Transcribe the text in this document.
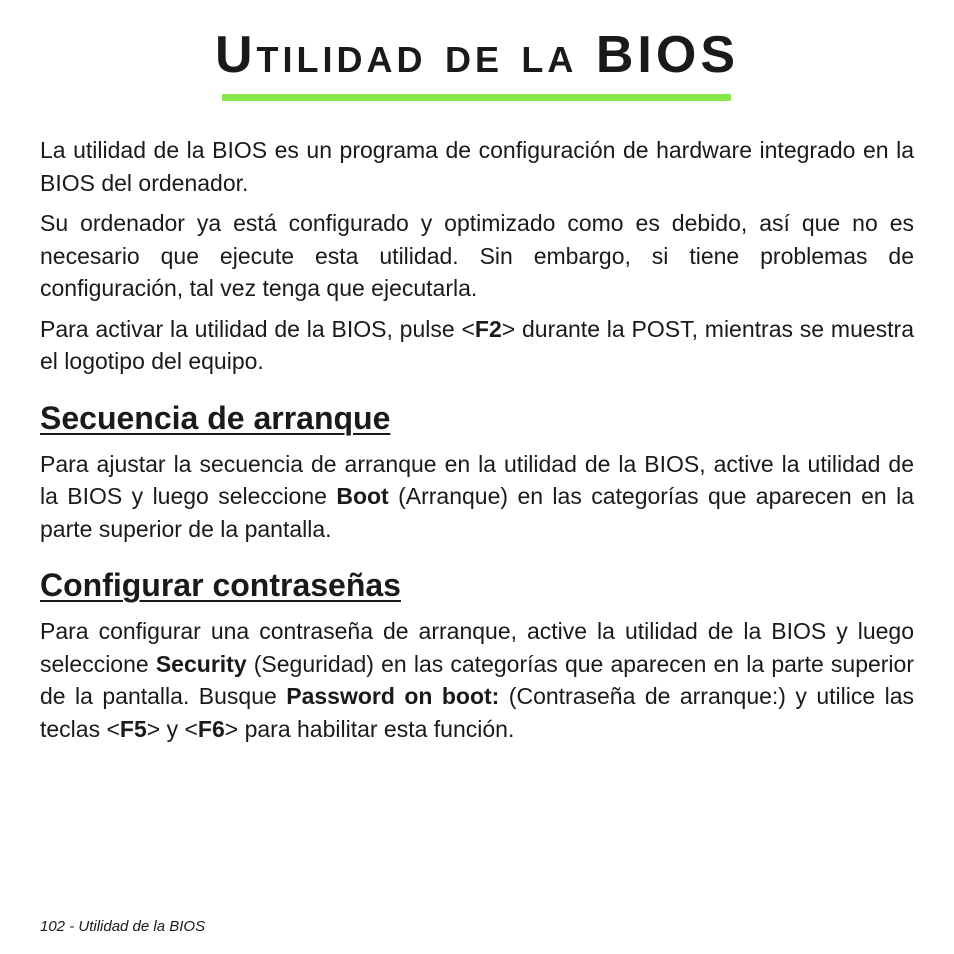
Utilidad de la BIOS

La utilidad de la BIOS es un programa de configuración de hardware integrado en la BIOS del ordenador.

Su ordenador ya está configurado y optimizado como es debido, así que no es necesario que ejecute esta utilidad. Sin embargo, si tiene problemas de configuración, tal vez tenga que ejecutarla.

Para activar la utilidad de la BIOS, pulse <F2> durante la POST, mientras se muestra el logotipo del equipo.

Secuencia de arranque

Para ajustar la secuencia de arranque en la utilidad de la BIOS, active la utilidad de la BIOS y luego seleccione Boot (Arranque) en las categorías que aparecen en la parte superior de la pantalla.

Configurar contraseñas

Para configurar una contraseña de arranque, active la utilidad de la BIOS y luego seleccione Security (Seguridad) en las categorías que aparecen en la parte superior de la pantalla. Busque Password on boot: (Contraseña de arranque:) y utilice las teclas <F5> y <F6> para habilitar esta función.

102 - Utilidad de la BIOS
